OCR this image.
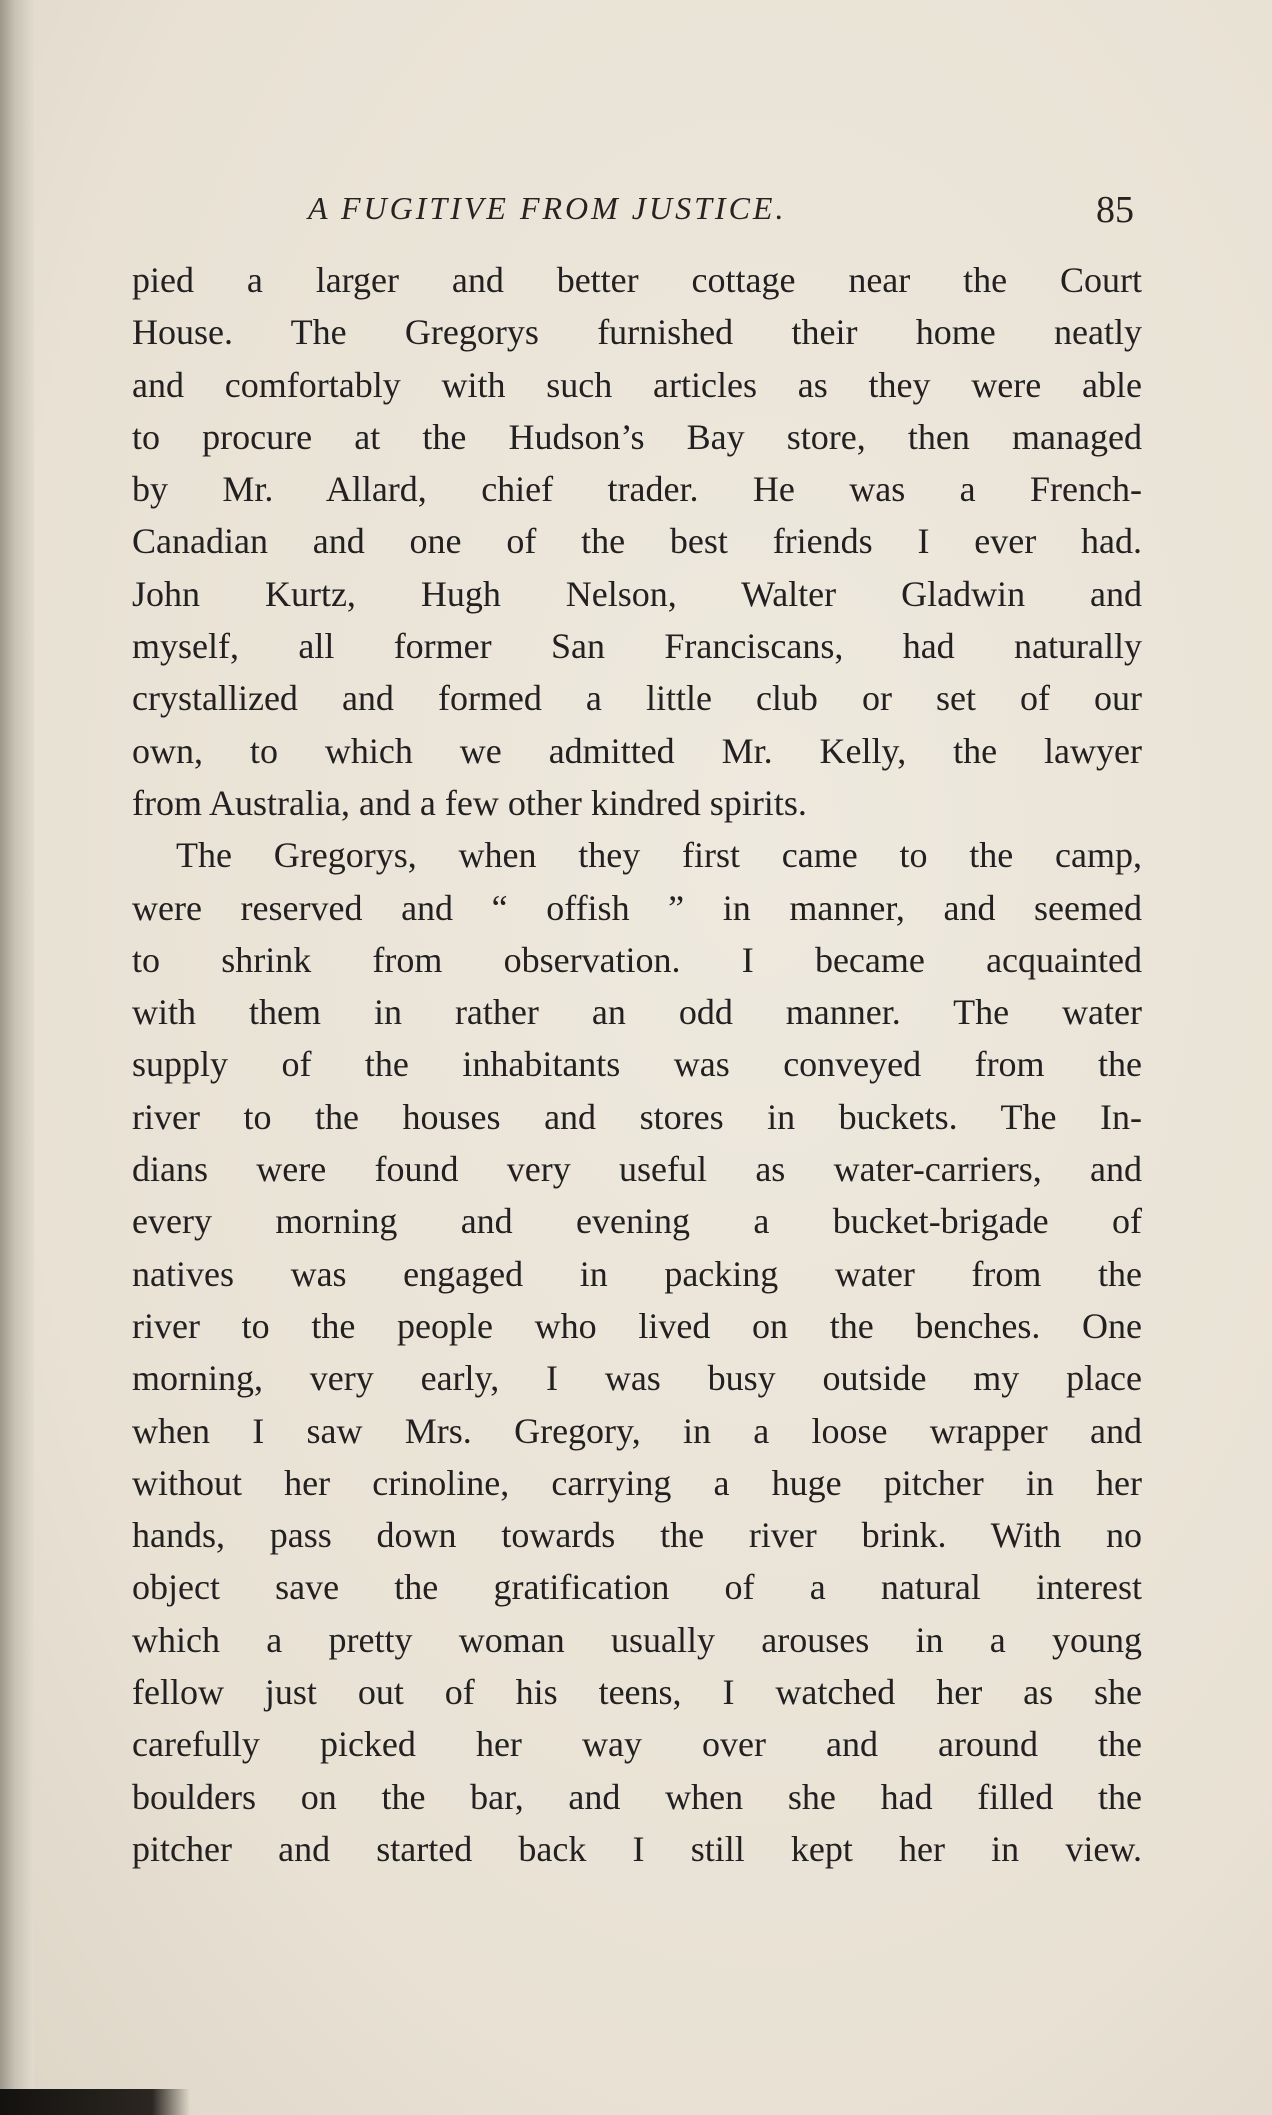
A FUGITIVE FROM JUSTICE.	85
pied a larger and better cottage near the Court
House. The Gregorys furnished their home neatly
and comfortably with such articles as they were able
to procure at the Hudson’s Bay store, then managed
by Mr. Allard, chief trader. He was a French-
Canadian and one of the best friends I ever had.
John Kurtz, Hugh Nelson, Walter Gladwin and
myself, all former San Franciscans, had naturally
crystallized and formed a little club or set of our
own, to which we admitted Mr. Kelly, the lawyer
from Australia, and a few other kindred spirits.
The Gregorys, when they first came to the camp,
were reserved and “ offish ” in manner, and seemed
to shrink from observation. I became acquainted
with them in rather an odd manner. The water
supply of the inhabitants was conveyed from the
river to the houses and stores in buckets. The In-
dians were found very useful as water-carriers, and
every morning and evening a bucket-brigade of
natives was engaged in packing water from the
river to the people who lived on the benches. One
morning, very early, I was busy outside my place
when I saw Mrs. Gregory, in a loose wrapper and
without her crinoline, carrying a huge pitcher in her
hands, pass down towards the river brink. With no
object save the gratification of a natural interest
which a pretty woman usually arouses in a young
fellow just out of his teens, I watched her as she
carefully picked her way over and around the
boulders on the bar, and when she had filled the
pitcher and started back I still kept her in view.
